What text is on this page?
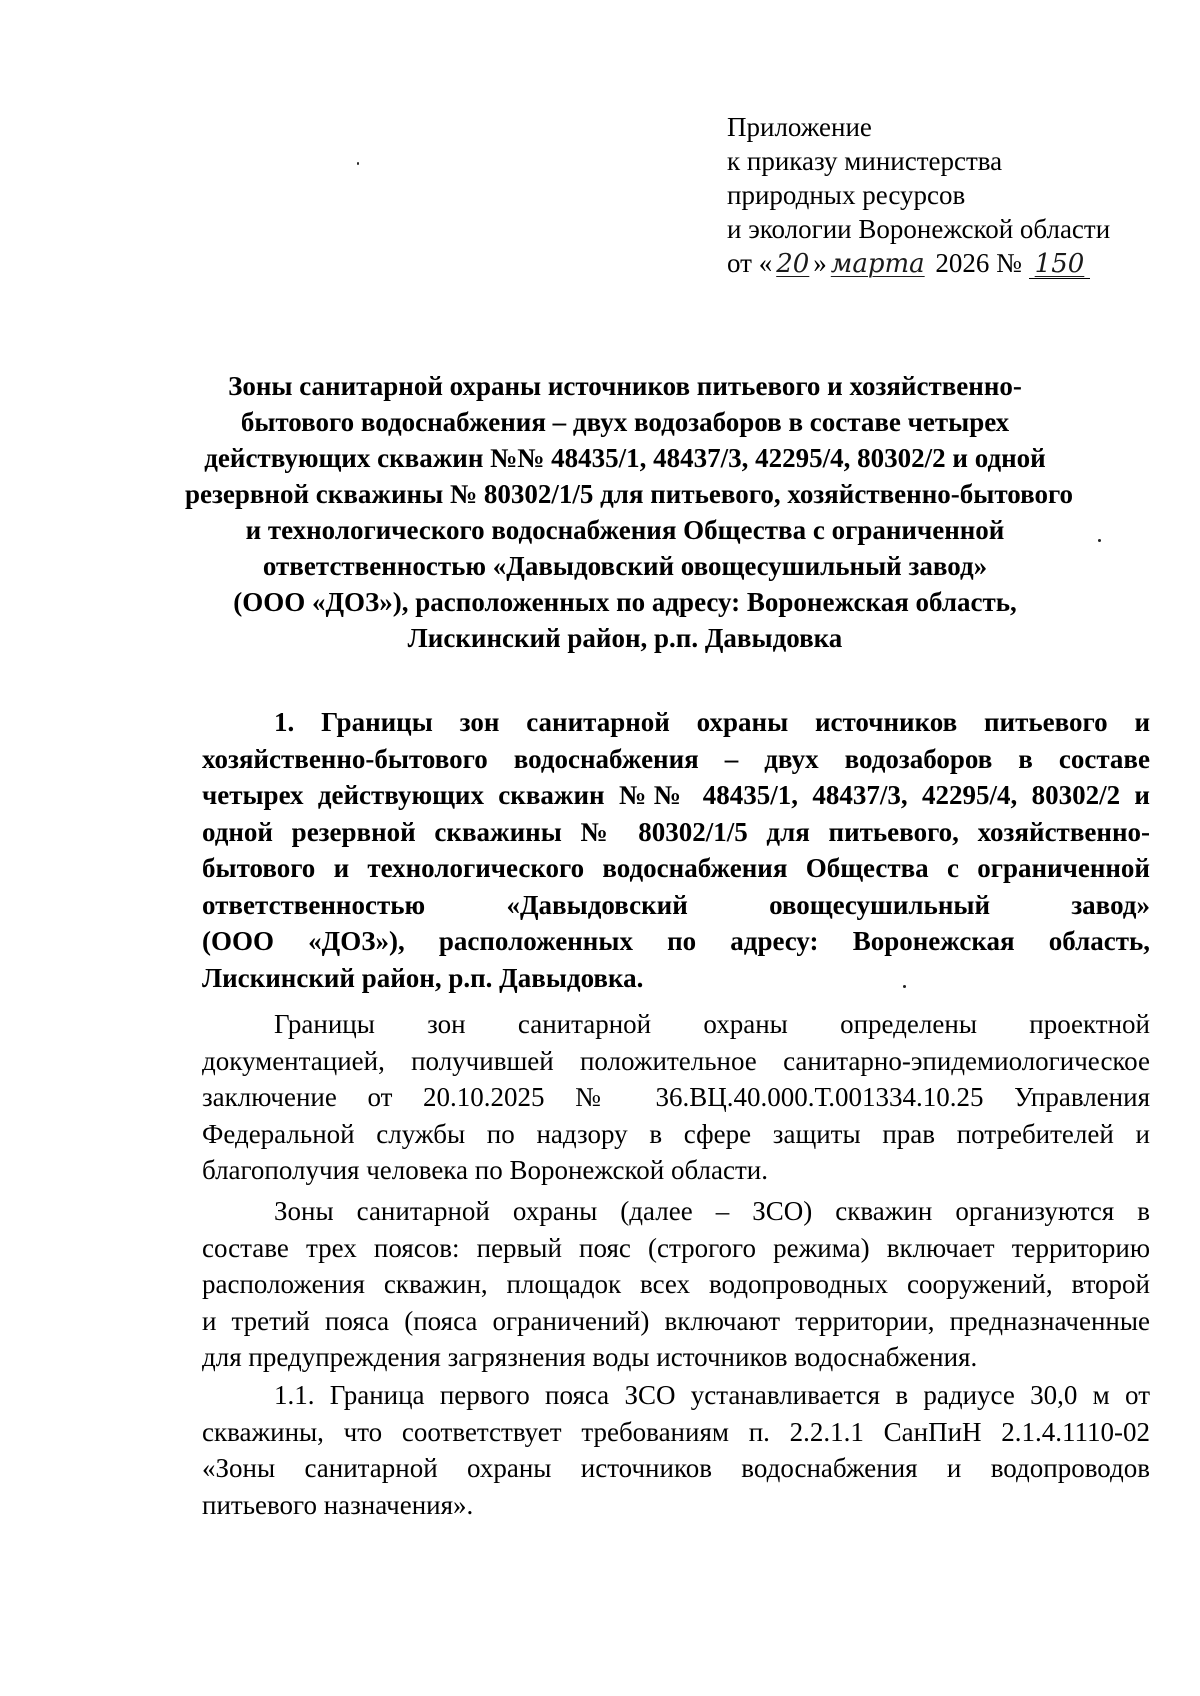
Приложение
к приказу министерства
природных ресурсов
и экологии Воронежской области
от « 20 » марта 2026 № 150
Зоны санитарной охраны источников питьевого и хозяйственно-
бытового водоснабжения – двух водозаборов в составе четырех
действующих скважин №№ 48435/1, 48437/3, 42295/4, 80302/2 и одной
резервной скважины № 80302/1/5 для питьевого, хозяйственно-бытового
и технологического водоснабжения Общества с ограниченной
ответственностью «Давыдовский овощесушильный завод»
(ООО «ДОЗ»), расположенных по адресу: Воронежская область,
Лискинский район, р.п. Давыдовка
1. Границы зон санитарной охраны источников питьевого и
хозяйственно-бытового водоснабжения – двух водозаборов в составе
четырех действующих скважин №№ 48435/1, 48437/3, 42295/4, 80302/2 и
одной резервной скважины № 80302/1/5 для питьевого, хозяйственно-
бытового и технологического водоснабжения Общества с ограниченной
ответственностью	«Давыдовский	овощесушильный	завод»
(ООО «ДОЗ»), расположенных по адресу: Воронежская область,
Лискинский район, р.п. Давыдовка.
Границы зон санитарной охраны определены проектной
документацией, получившей положительное санитарно-эпидемиологическое
заключение от 20.10.2025 № 36.ВЦ.40.000.Т.001334.10.25 Управления
Федеральной службы по надзору в сфере защиты прав потребителей и
благополучия человека по Воронежской области.
Зоны санитарной охраны (далее – ЗСО) скважин организуются в
составе трех поясов: первый пояс (строгого режима) включает территорию
расположения скважин, площадок всех водопроводных сооружений, второй
и третий пояса (пояса ограничений) включают территории, предназначенные
для предупреждения загрязнения воды источников водоснабжения.
1.1. Граница первого пояса ЗСО устанавливается в радиусе 30,0 м от
скважины, что соответствует требованиям п. 2.2.1.1 СанПиН 2.1.4.1110-02
«Зоны санитарной охраны источников водоснабжения и водопроводов
питьевого назначения».
